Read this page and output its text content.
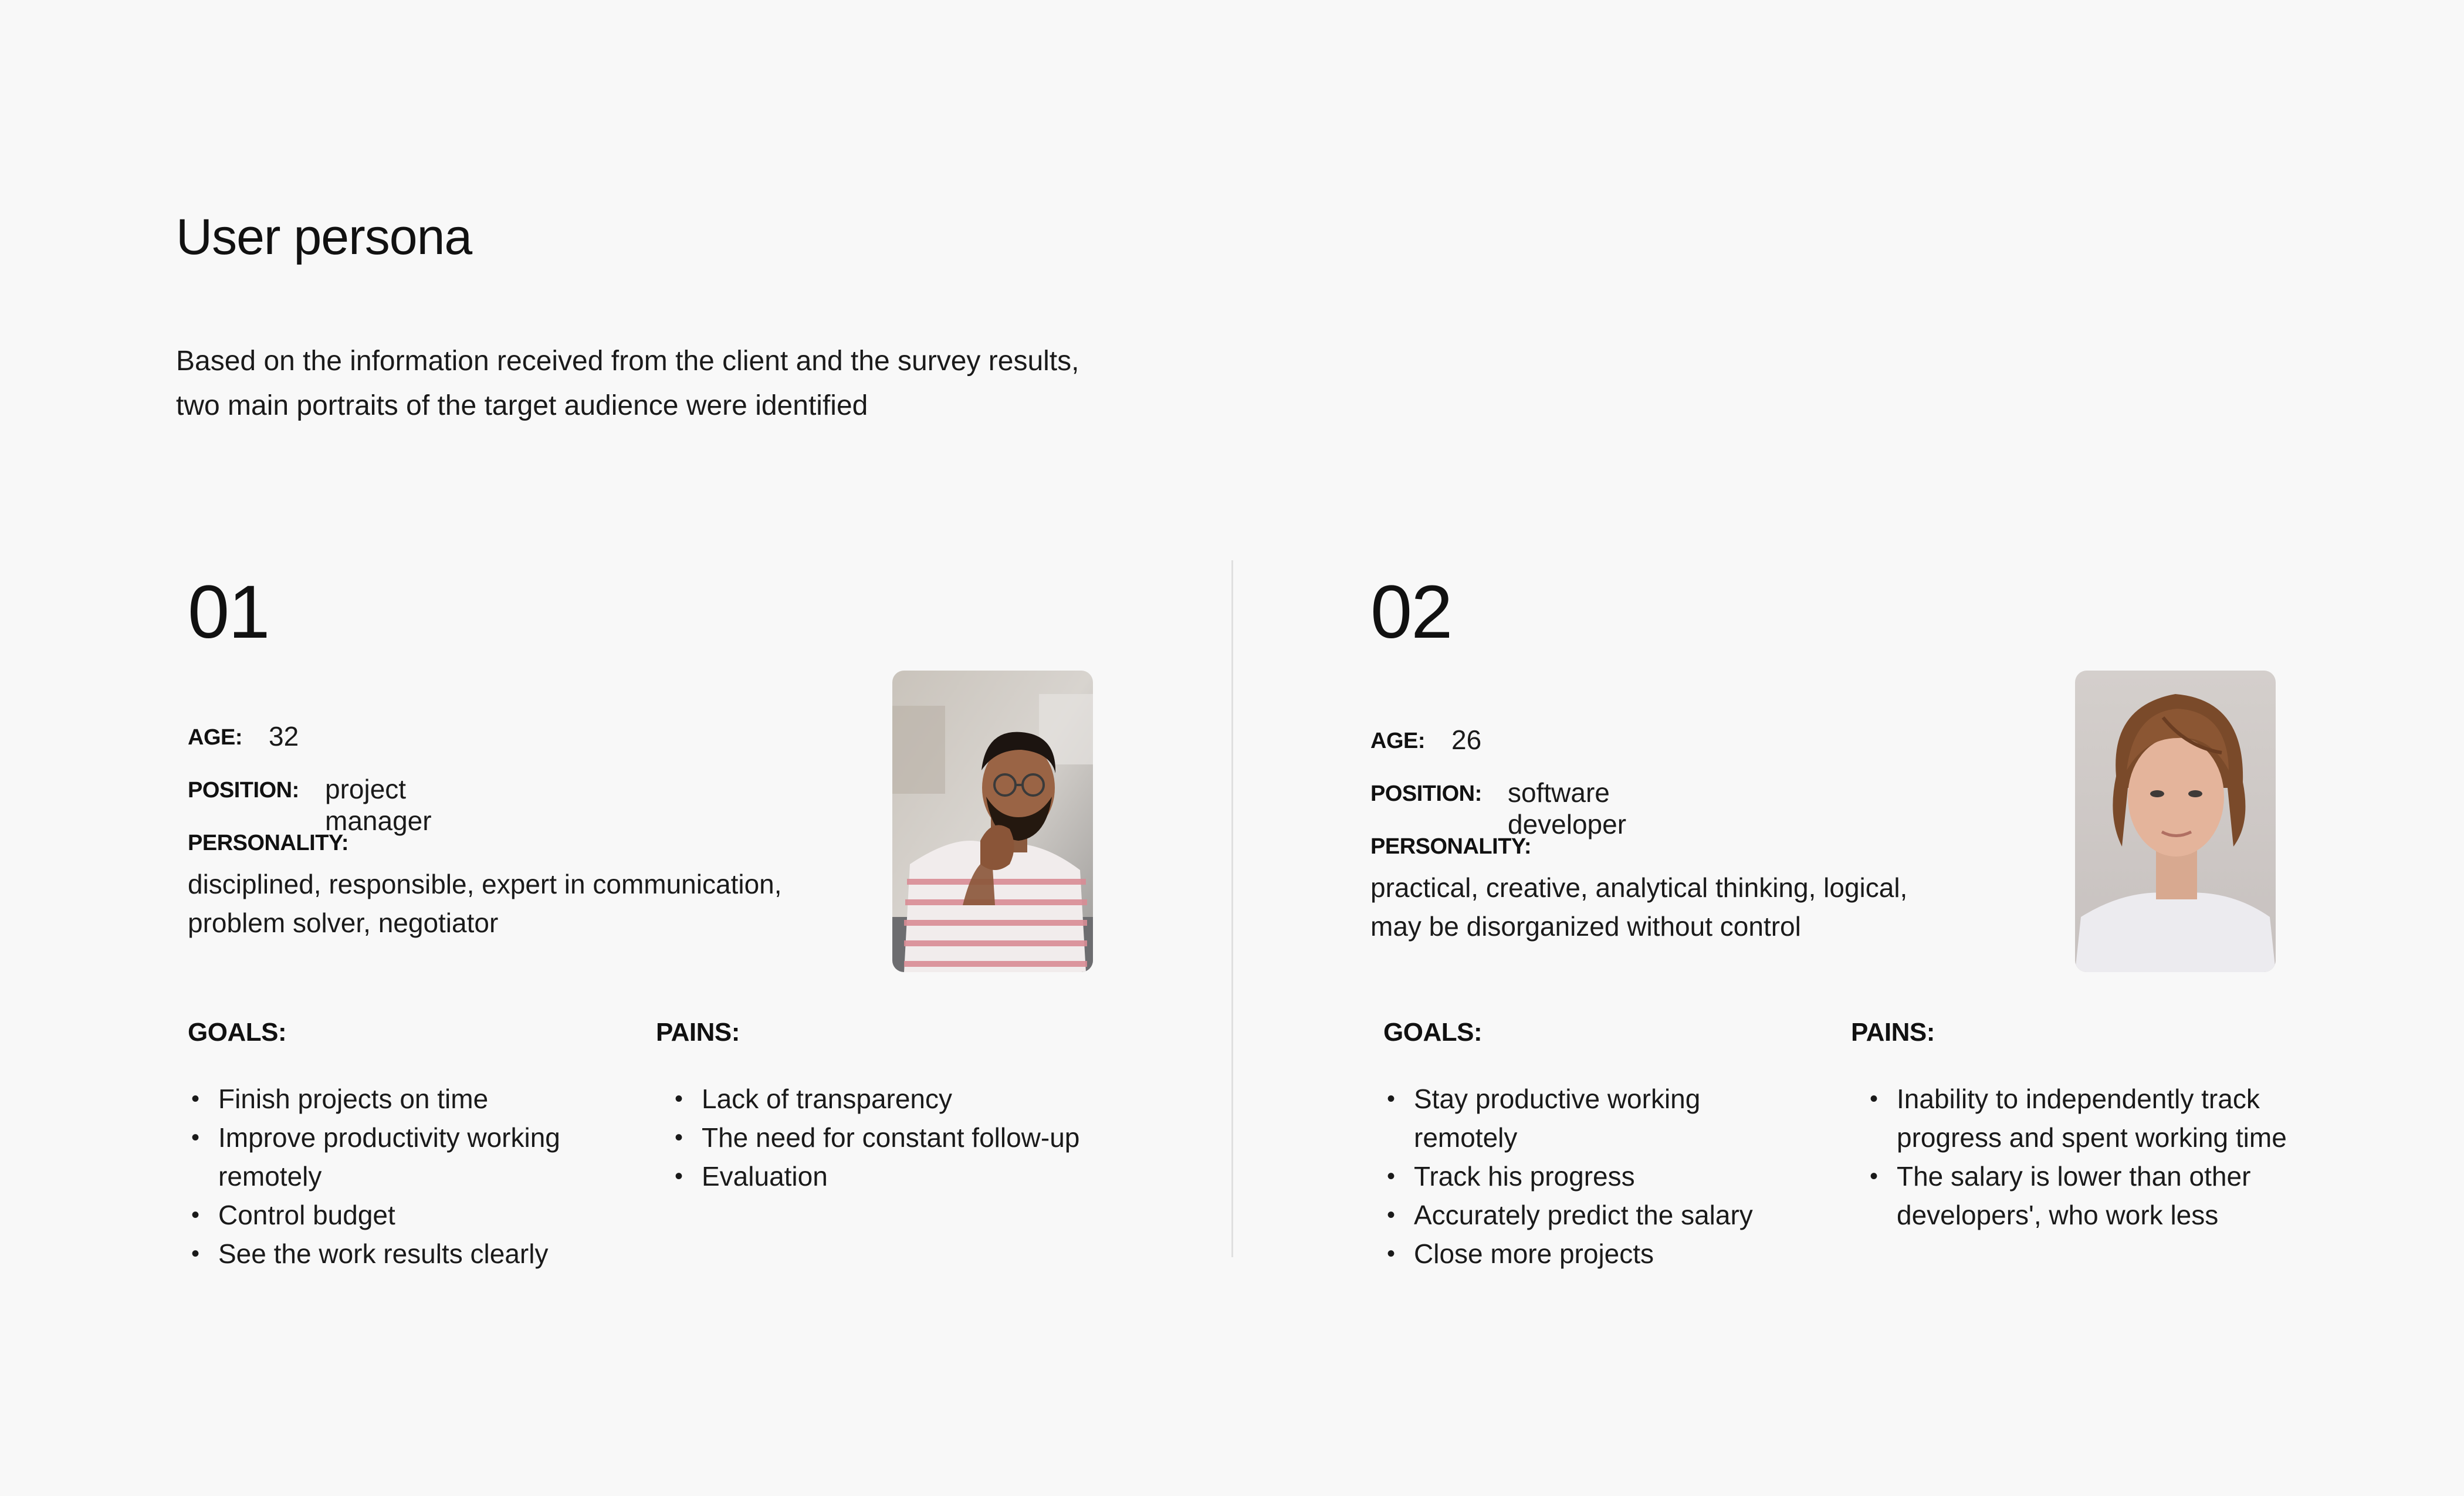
User persona

Based on the information received from the client and the survey results,
two main portraits of the target audience were identified

01
AGE: 32
POSITION: project manager
PERSONALITY:
disciplined, responsible, expert in communication,
problem solver, negotiator
GOALS:
• Finish projects on time
• Improve productivity working remotely
• Control budget
• See the work results clearly
PAINS:
• Lack of transparency
• The need for constant follow-up
• Evaluation
02
AGE: 26
POSITION: software developer
PERSONALITY:
practical, creative, analytical thinking, logical,
may be disorganized without control
GOALS:
• Stay productive working remotely
• Track his progress
• Accurately predict the salary
• Close more projects
PAINS:
• Inability to independently track progress and spent working time
• The salary is lower than other developers', who work less
